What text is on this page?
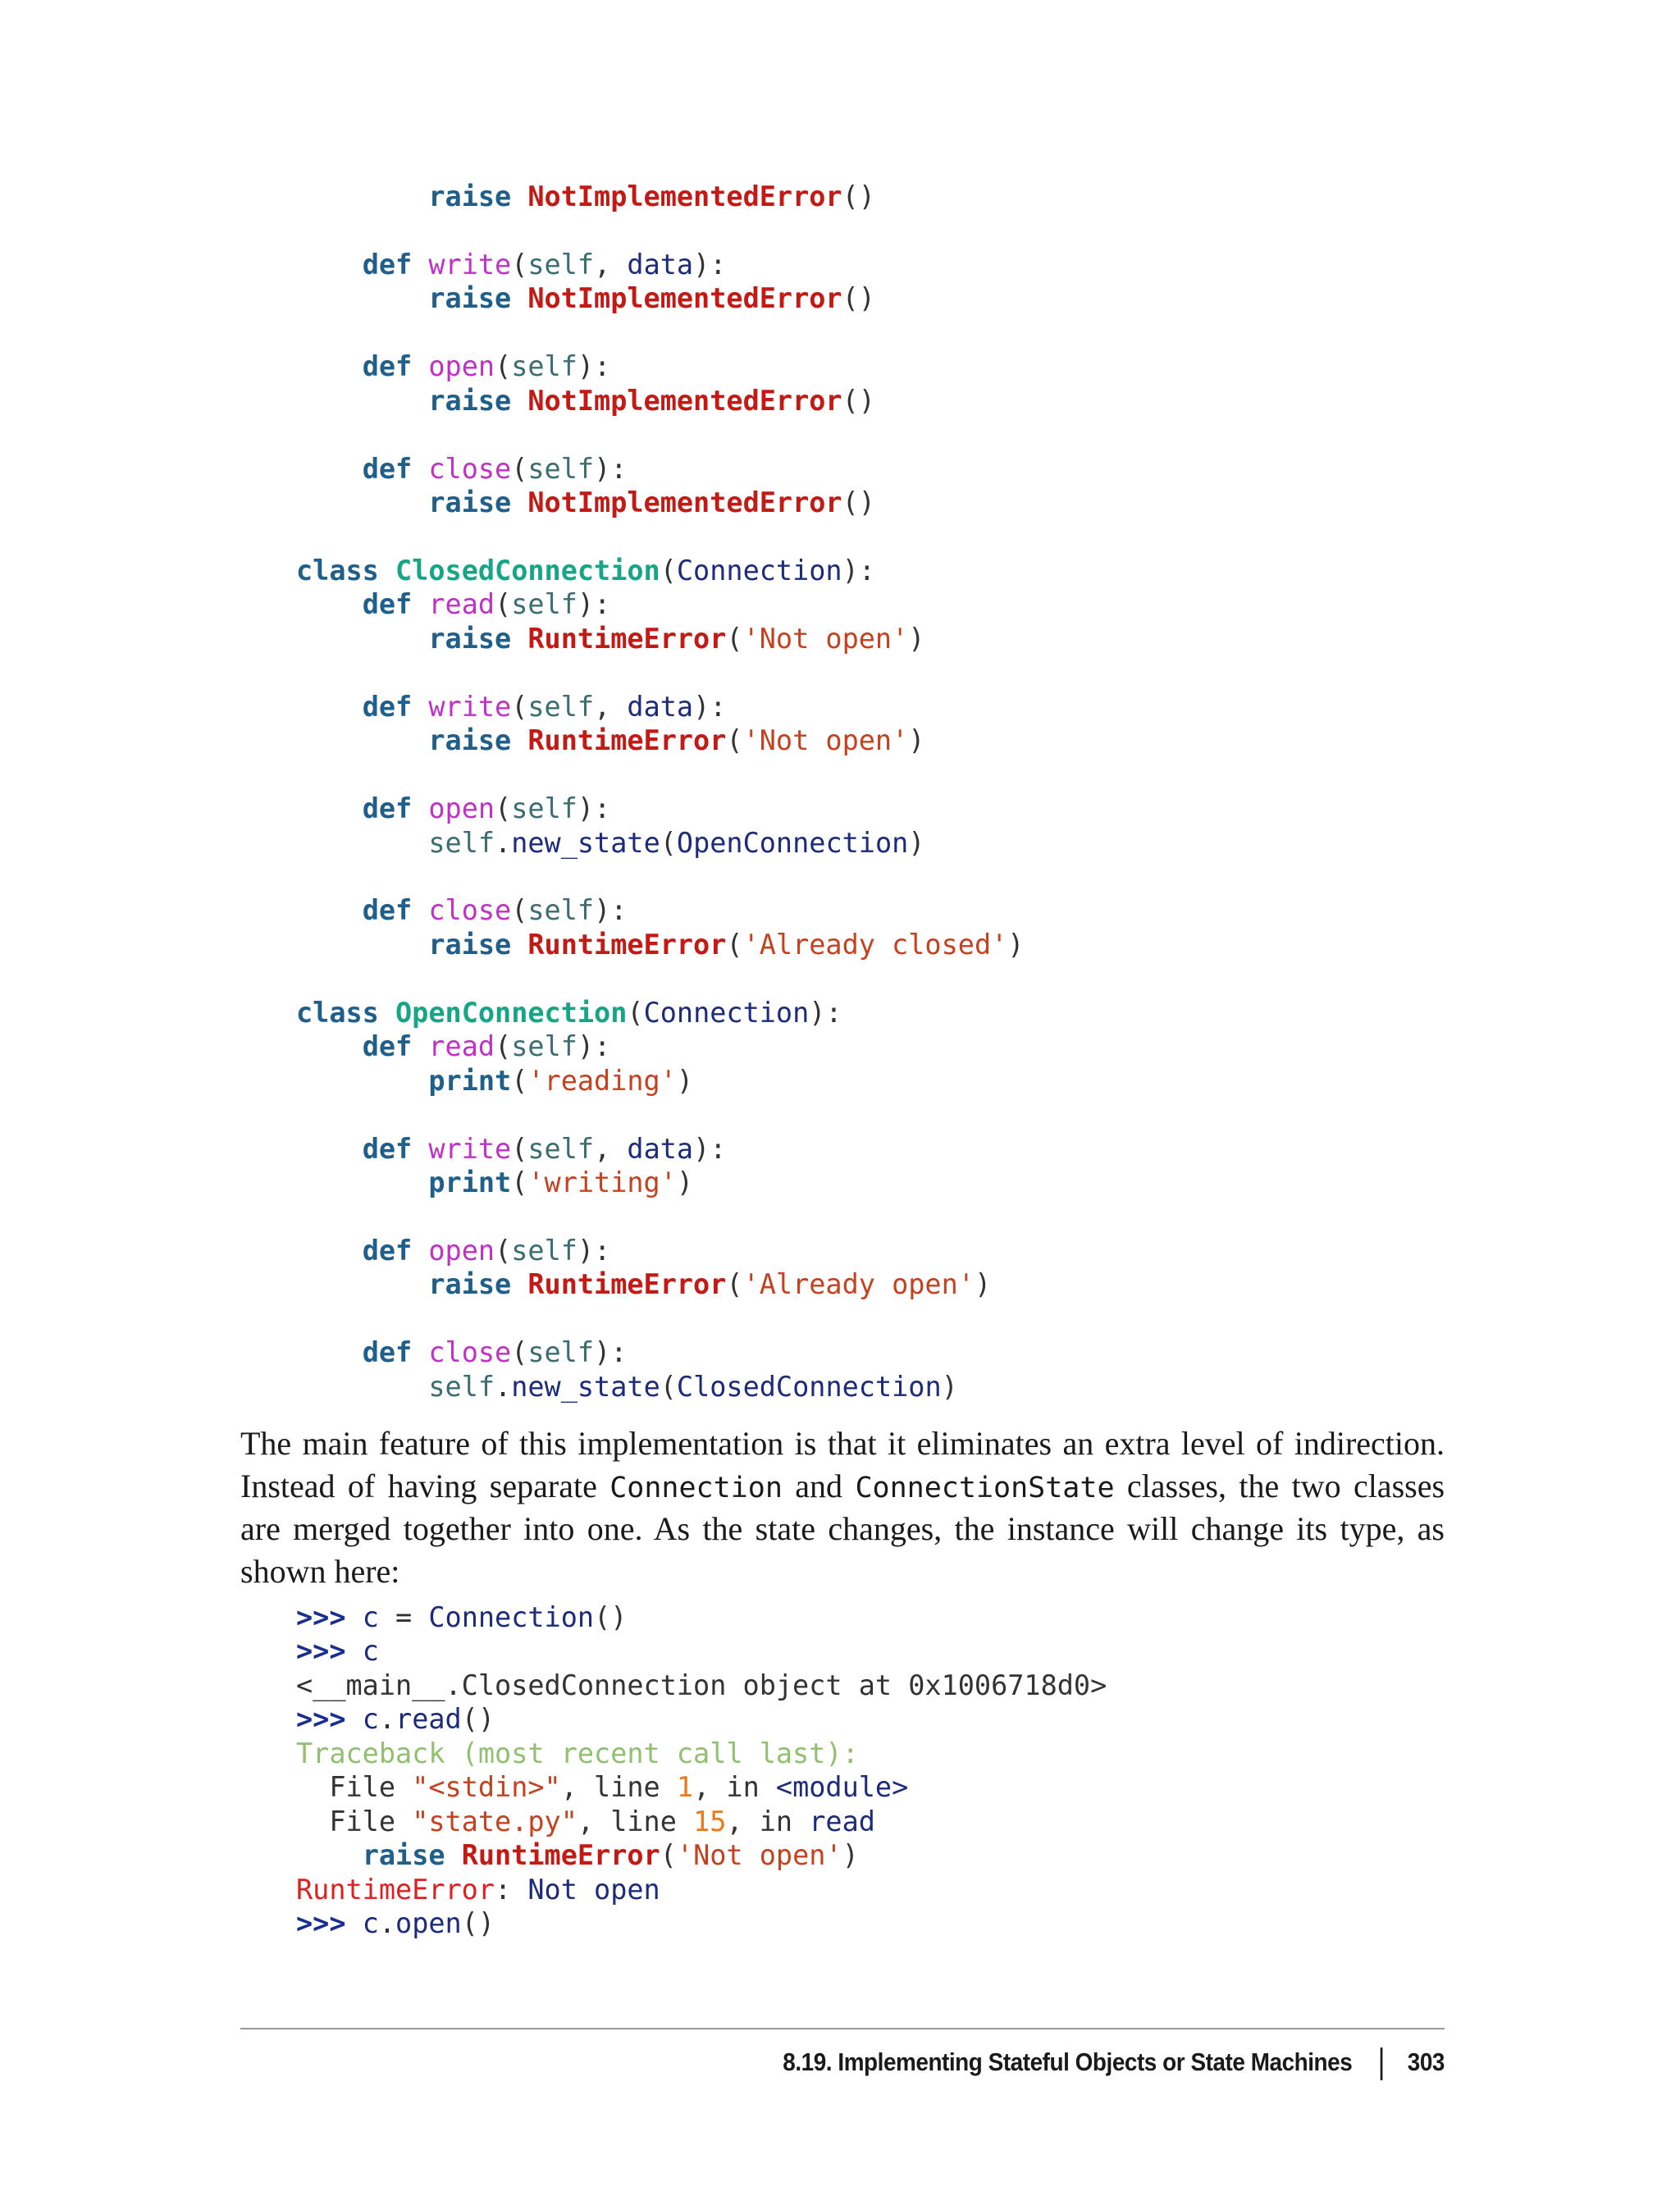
raise NotImplementedError()
def write(self, data):
raise NotImplementedError()
def open(self):
raise NotImplementedError()
def close(self):
raise NotImplementedError()
class ClosedConnection(Connection):
def read(self):
raise RuntimeError('Not open')
def write(self, data):
raise RuntimeError('Not open')
def open(self):
self.new_state(OpenConnection)
def close(self):
raise RuntimeError('Already closed')
class OpenConnection(Connection):
def read(self):
print('reading')
def write(self, data):
print('writing')
def open(self):
raise RuntimeError('Already open')
def close(self):
self.new_state(ClosedConnection)
The main feature of this implementation is that it eliminates an extra level of indirection.
Instead of having separate Connection and ConnectionState classes, the two classes
are merged together into one. As the state changes, the instance will change its type, as
shown here:
>>> c = Connection()
>>> c
<__main__.ClosedConnection object at 0x1006718d0>
>>> c.read()
Traceback (most recent call last):
File "<stdin>", line 1, in <module>
File "state.py", line 15, in read
raise RuntimeError('Not open')
RuntimeError: Not open
>>> c.open()
8.19. Implementing Stateful Objects or State Machines 303
